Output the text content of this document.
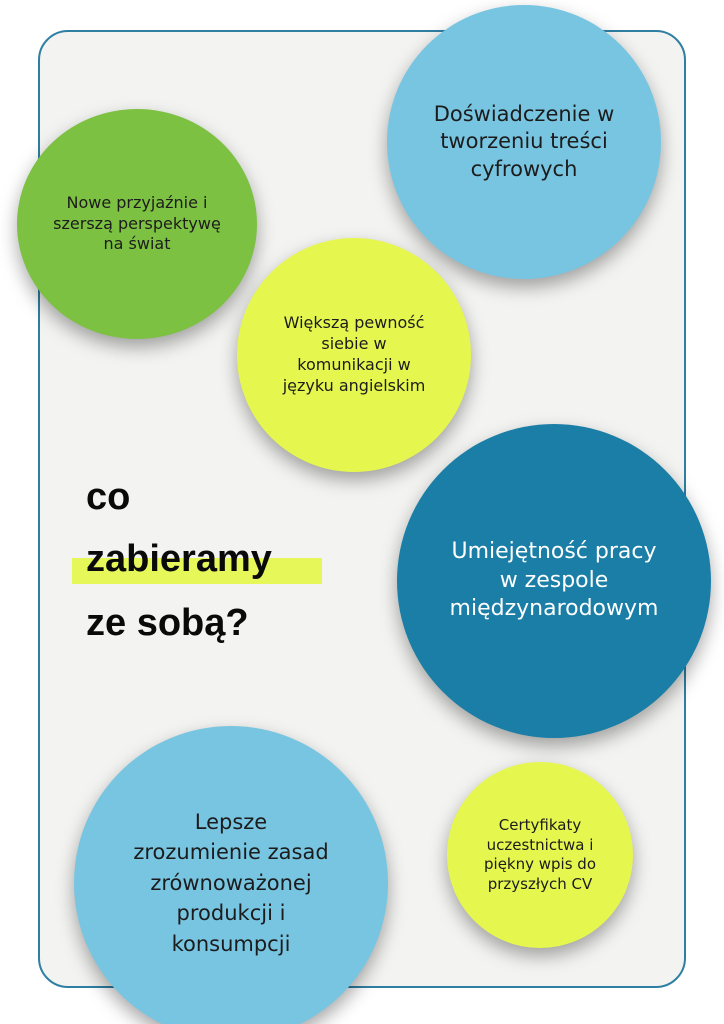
Doświadczenie w
tworzeniu treści
cyfrowych
Nowe przyjaźnie i
szerszą perspektywę
na świat
Większą pewność
siebie w
komunikacji w
języku angielskim
Umiejętność pracy
w zespole
międzynarodowym
Lepsze
zrozumienie zasad
zrównoważonej
produkcji i
konsumpcji
Certyfikaty
uczestnictwa i
piękny wpis do
przyszłych CV
co
zabieramy
ze sobą?
